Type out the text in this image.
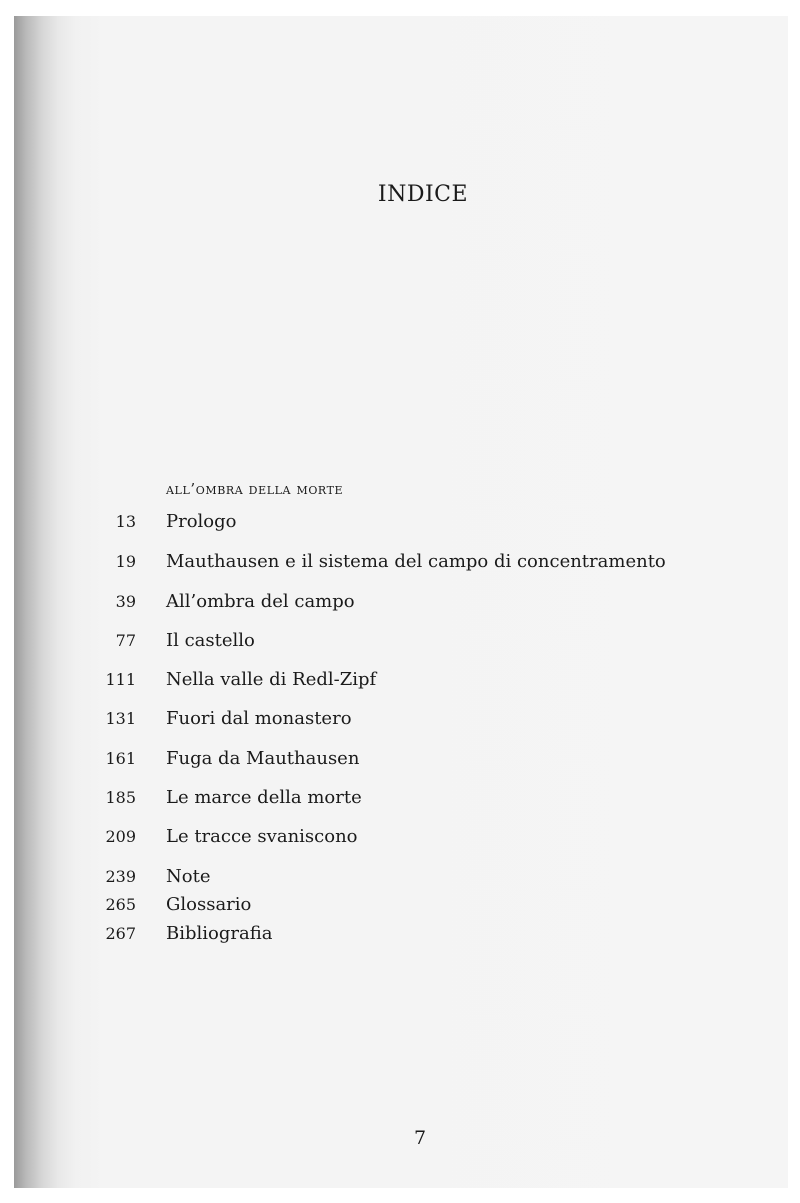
INDICE
all’ombra della morte
13 Prologo
19 Mauthausen e il sistema del campo di concentramento
39 All’ombra del campo
77 Il castello
111 Nella valle di Redl-Zipf
131 Fuori dal monastero
161 Fuga da Mauthausen
185 Le marce della morte
209 Le tracce svaniscono
239 Note
265 Glossario
267 Bibliografia
7
